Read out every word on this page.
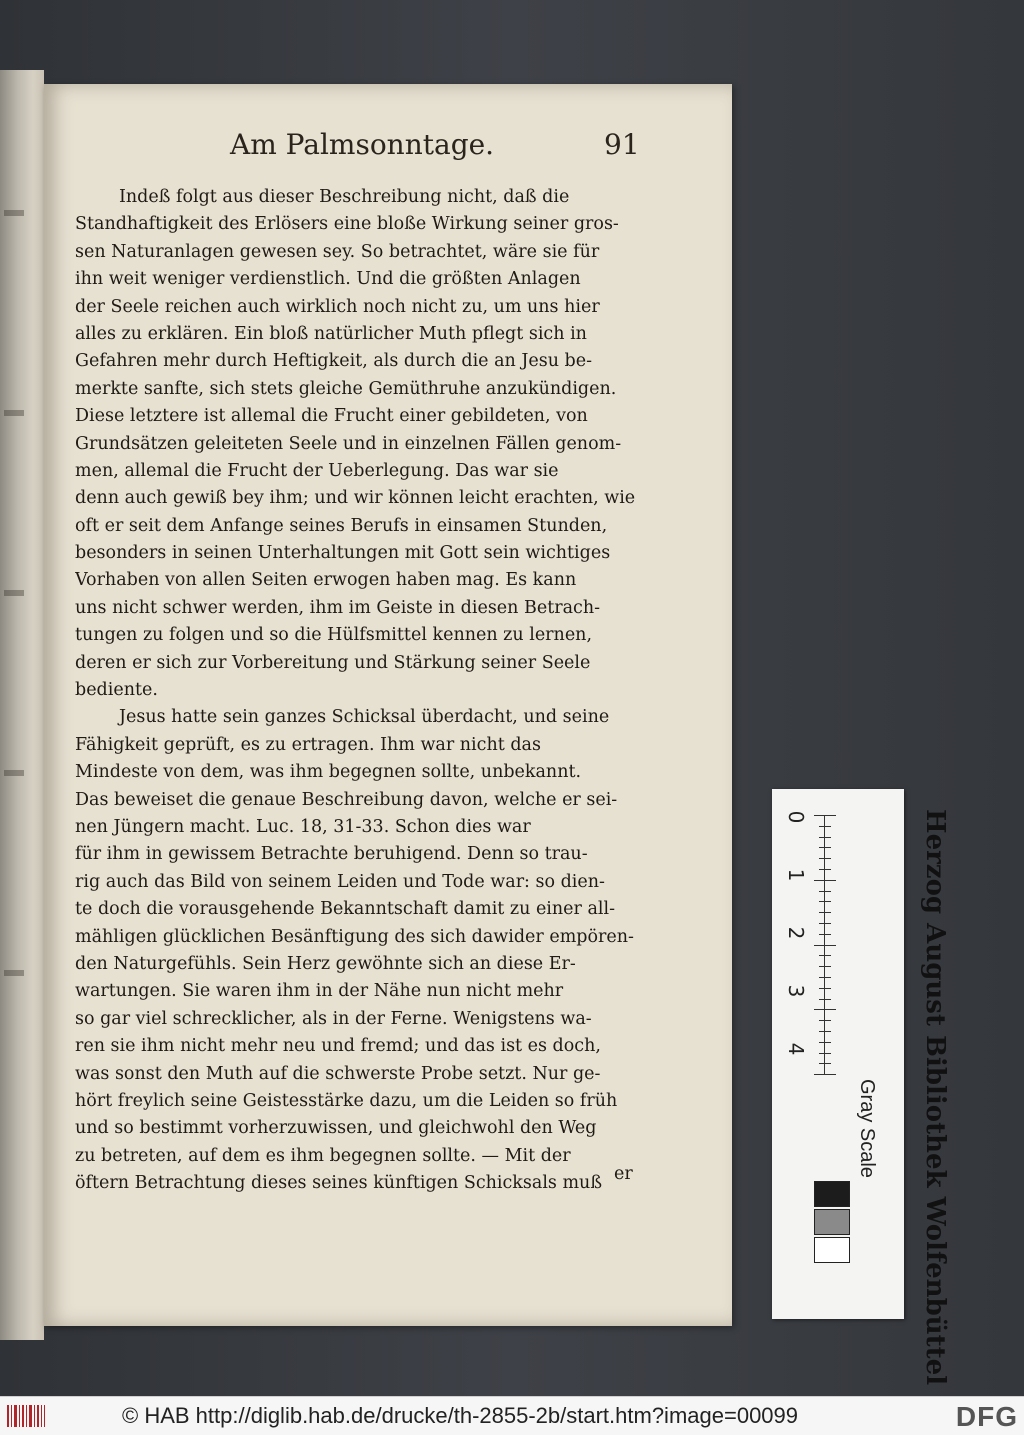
Am Palmsonntage.	91
Indeß folgt aus dieser Beschreibung nicht, daß die
Standhaftigkeit des Erlösers eine bloße Wirkung seiner gros-
sen Naturanlagen gewesen sey. So betrachtet, wäre sie für
ihn weit weniger verdienstlich. Und die größten Anlagen
der Seele reichen auch wirklich noch nicht zu, um uns hier
alles zu erklären. Ein bloß natürlicher Muth pflegt sich in
Gefahren mehr durch Heftigkeit, als durch die an Jesu be-
merkte sanfte, sich stets gleiche Gemüthruhe anzukündigen.
Diese letztere ist allemal die Frucht einer gebildeten, von
Grundsätzen geleiteten Seele und in einzelnen Fällen genom-
men, allemal die Frucht der Ueberlegung. Das war sie
denn auch gewiß bey ihm; und wir können leicht erachten, wie
oft er seit dem Anfange seines Berufs in einsamen Stunden,
besonders in seinen Unterhaltungen mit Gott sein wichtiges
Vorhaben von allen Seiten erwogen haben mag. Es kann
uns nicht schwer werden, ihm im Geiste in diesen Betrach-
tungen zu folgen und so die Hülfsmittel kennen zu lernen,
deren er sich zur Vorbereitung und Stärkung seiner Seele
bediente.
Jesus hatte sein ganzes Schicksal überdacht, und seine
Fähigkeit geprüft, es zu ertragen. Ihm war nicht das
Mindeste von dem, was ihm begegnen sollte, unbekannt.
Das beweiset die genaue Beschreibung davon, welche er sei-
nen Jüngern macht. Luc. 18, 31-33. Schon dies war
für ihm in gewissem Betrachte beruhigend. Denn so trau-
rig auch das Bild von seinem Leiden und Tode war: so dien-
te doch die vorausgehende Bekanntschaft damit zu einer all-
mähligen glücklichen Besänftigung des sich dawider empören-
den Naturgefühls. Sein Herz gewöhnte sich an diese Er-
wartungen. Sie waren ihm in der Nähe nun nicht mehr
so gar viel schrecklicher, als in der Ferne. Wenigstens wa-
ren sie ihm nicht mehr neu und fremd; und das ist es doch,
was sonst den Muth auf die schwerste Probe setzt. Nur ge-
hört freylich seine Geistesstärke dazu, um die Leiden so früh
und so bestimmt vorherzuwissen, und gleichwohl den Weg
zu betreten, auf dem es ihm begegnen sollte. — Mit der
öftern Betrachtung dieses seines künftigen Schicksals muß er
0
1
2
3
4	Herzog August Bibliothek Wolfenbüttel
Gray Scale
© HAB http://diglib.hab.de/drucke/th-2855-2b/start.htm?image=00099	DFG
